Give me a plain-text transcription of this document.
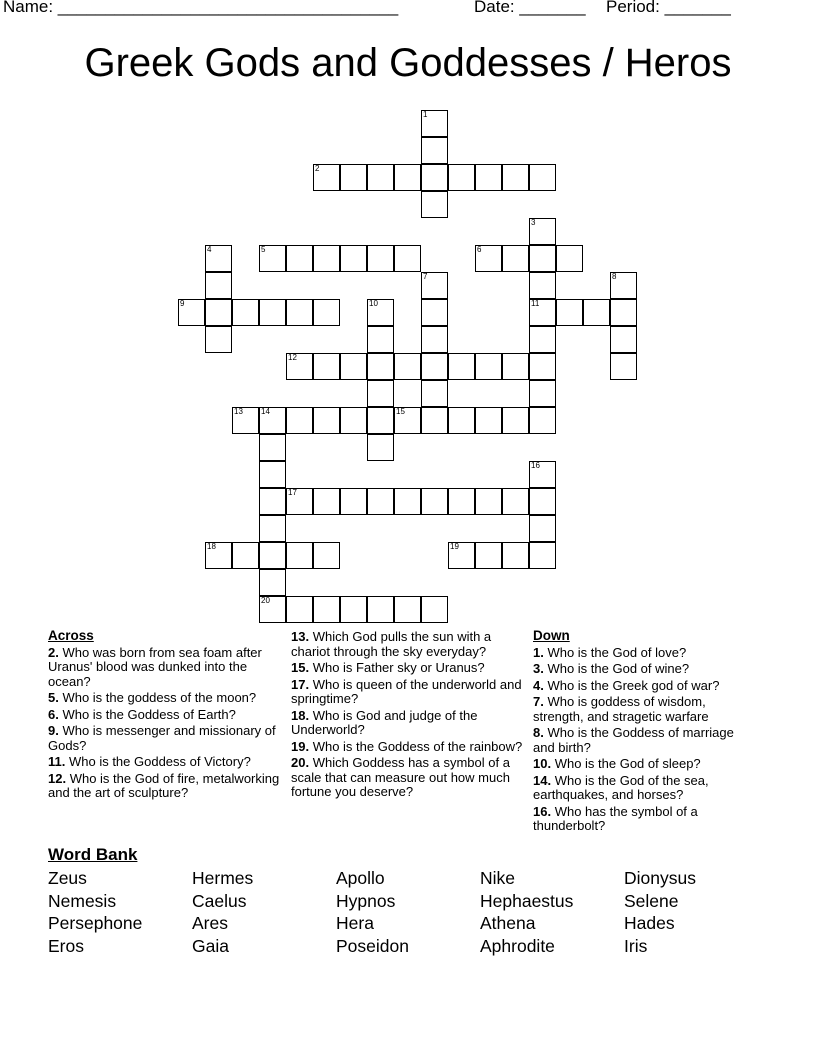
Name: ____________________________________	Date: _______ Period: _______
Greek Gods and Goddesses / Heros
1
2
3
11
4	5	6
7	8
9	10
12
13 14
20
15
16
17
18	19
Across
2. Who was born from sea foam after Uranus' blood was dunked into the ocean?
5. Who is the goddess of the moon?
6. Who is the Goddess of Earth?
9. Who is messenger and missionary of Gods?
11. Who is the Goddess of Victory?
12. Who is the God of fire, metalworking and the art of sculpture?
13. Which God pulls the sun with a chariot through the sky everyday?
15. Who is Father sky or Uranus?
17. Who is queen of the underworld and springtime?
18. Who is God and judge of the Underworld?
19. Who is the Goddess of the rainbow?
20. Which Goddess has a symbol of a scale that can measure out how much fortune you deserve?
Down
1. Who is the God of love?
3. Who is the God of wine?
4. Who is the Greek god of war?
7. Who is goddess of wisdom, strength, and stragetic warfare
8. Who is the Goddess of marriage and birth?
10. Who is the God of sleep?
14. Who is the God of the sea, earthquakes, and horses?
16. Who has the symbol of a thunderbolt?
Word Bank
Zeus	Hermes	Apollo	Nike	Dionysus
Nemesis	Caelus	Hypnos	Hephaestus	Selene
Persephone	Ares	Hera	Athena	Hades
Eros	Gaia	Poseidon	Aphrodite	Iris
